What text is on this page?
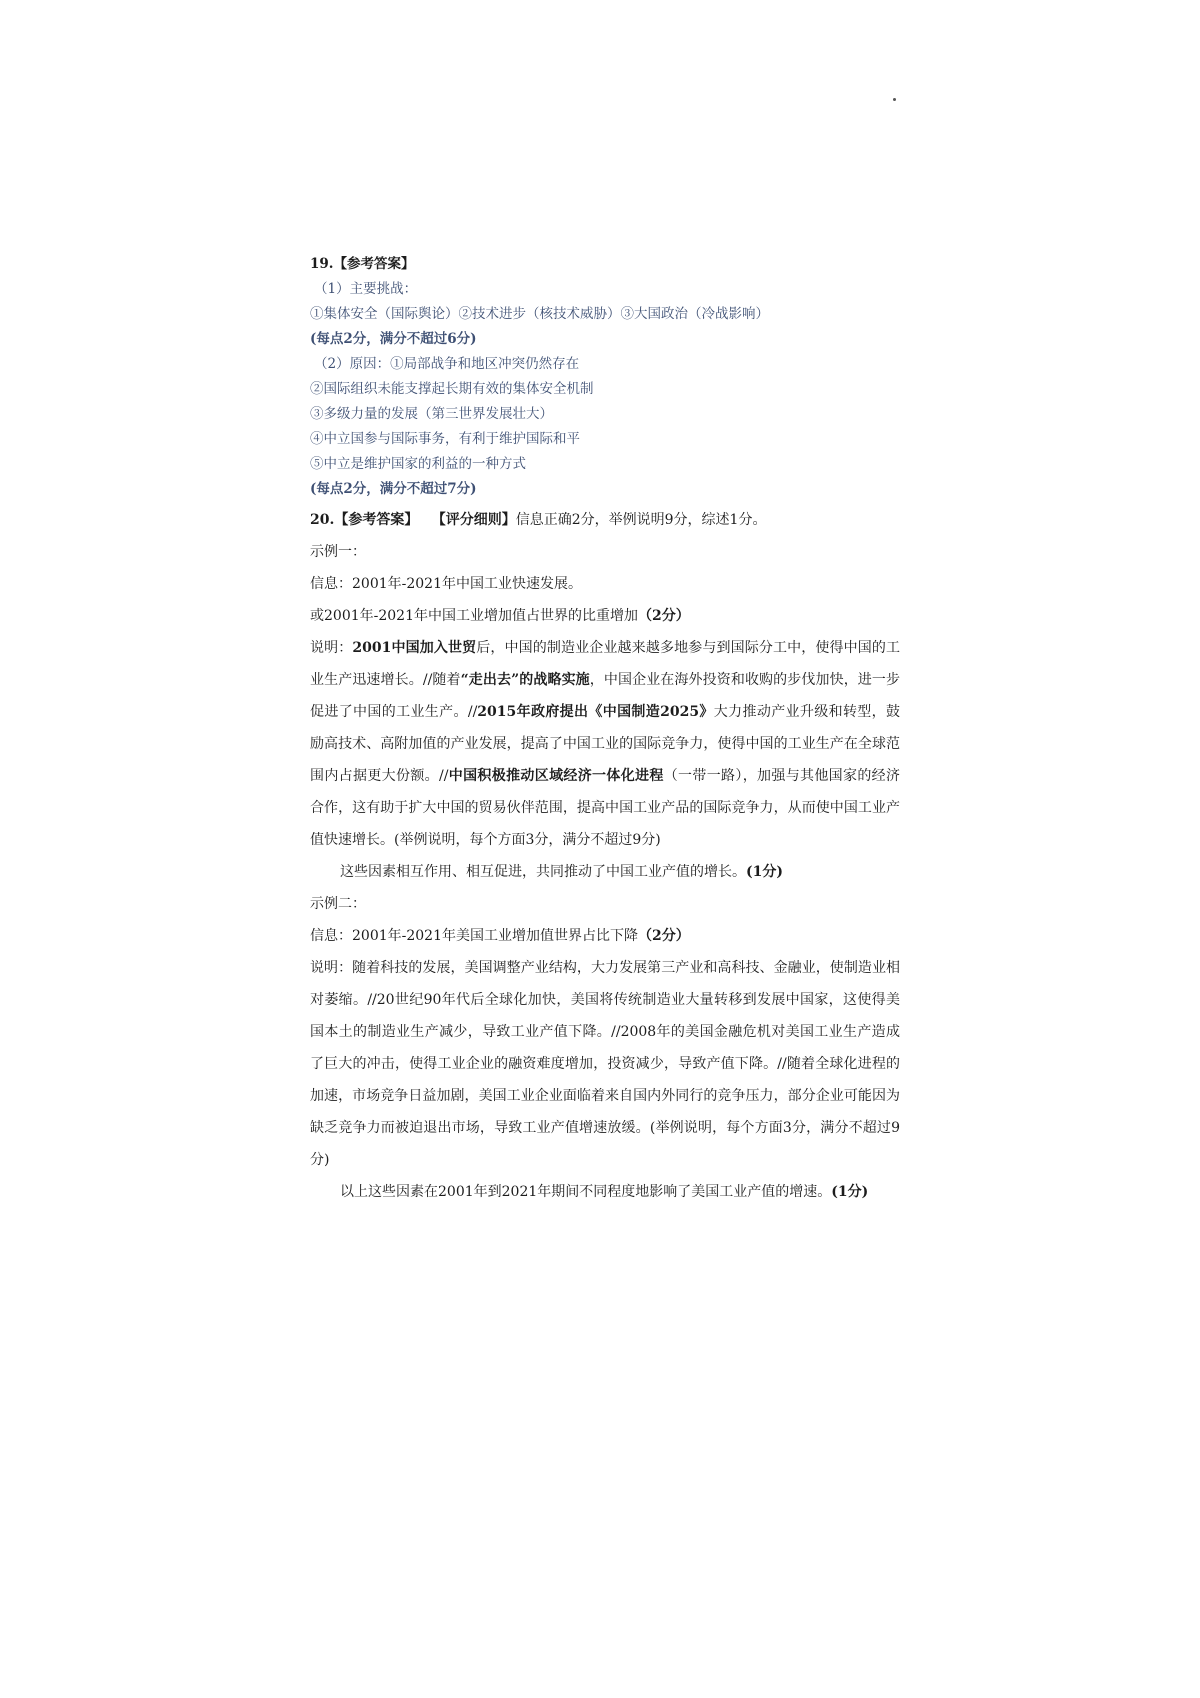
19.【参考答案】
（1）主要挑战：
①集体安全（国际舆论）②技术进步（核技术威胁）③大国政治（冷战影响）
(每点2分，满分不超过6分)
（2）原因：①局部战争和地区冲突仍然存在
②国际组织未能支撑起长期有效的集体安全机制
③多级力量的发展（第三世界发展壮大）
④中立国参与国际事务，有利于维护国际和平
⑤中立是维护国家的利益的一种方式
(每点2分，满分不超过7分)
20.【参考答案】 【评分细则】信息正确2分，举例说明9分，综述1分。
示例一：
信息：2001年-2021年中国工业快速发展。
或2001年-2021年中国工业增加值占世界的比重增加（2分）
说明：2001中国加入世贸后，中国的制造业企业越来越多地参与到国际分工中，使得中国的工业生产迅速增长。//随着“走出去”的战略实施，中国企业在海外投资和收购的步伐加快，进一步促进了中国的工业生产。//2015年政府提出《中国制造2025》大力推动产业升级和转型，鼓励高技术、高附加值的产业发展，提高了中国工业的国际竞争力，使得中国的工业生产在全球范围内占据更大份额。//中国积极推动区域经济一体化进程（一带一路），加强与其他国家的经济合作，这有助于扩大中国的贸易伙伴范围，提高中国工业产品的国际竞争力，从而使中国工业产值快速增长。(举例说明，每个方面3分，满分不超过9分)
这些因素相互作用、相互促进，共同推动了中国工业产值的增长。(1分)
示例二：
信息：2001年-2021年美国工业增加值世界占比下降（2分）
说明：随着科技的发展，美国调整产业结构，大力发展第三产业和高科技、金融业，使制造业相对萎缩。//20世纪90年代后全球化加快，美国将传统制造业大量转移到发展中国家，这使得美国本土的制造业生产减少，导致工业产值下降。//2008年的美国金融危机对美国工业生产造成了巨大的冲击，使得工业企业的融资难度增加，投资减少，导致产值下降。//随着全球化进程的加速，市场竞争日益加剧，美国工业企业面临着来自国内外同行的竞争压力，部分企业可能因为缺乏竞争力而被迫退出市场，导致工业产值增速放缓。(举例说明，每个方面3分，满分不超过9分)
以上这些因素在2001年到2021年期间不同程度地影响了美国工业产值的增速。(1分)
